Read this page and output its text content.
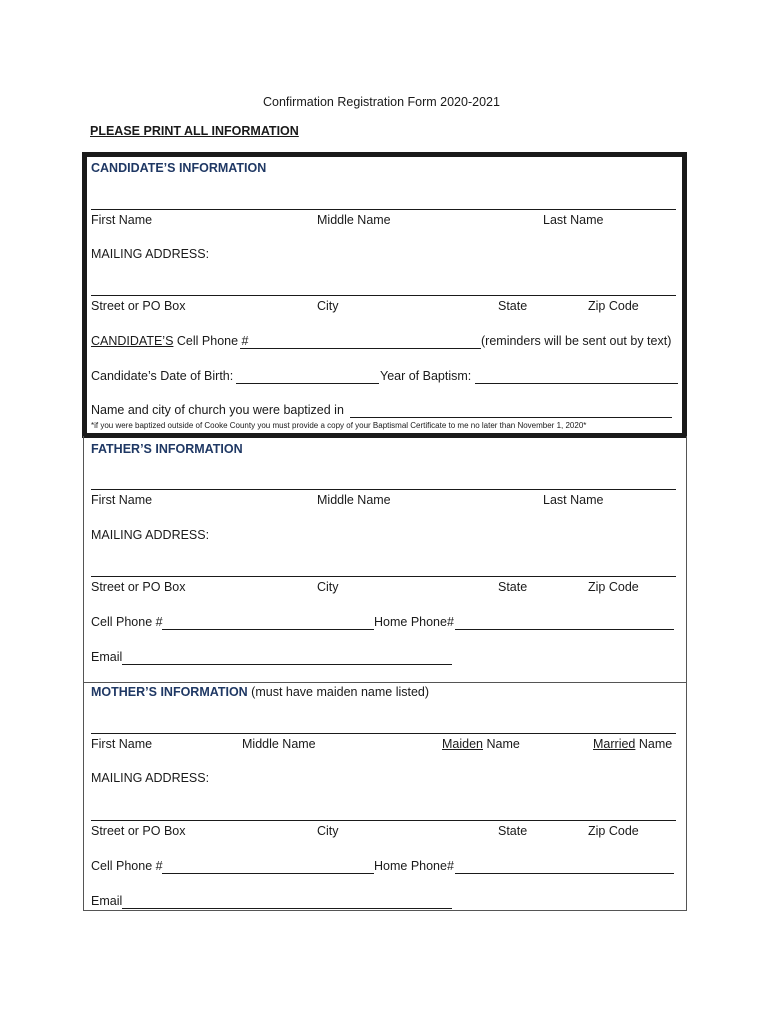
Confirmation Registration Form 2020-2021
PLEASE PRINT ALL INFORMATION
CANDIDATE’S INFORMATION
First Name	Middle Name	Last Name
MAILING ADDRESS:
Street or PO Box	City	State	Zip Code
CANDIDATE’S Cell Phone #	(reminders will be sent out by text)
Candidate’s Date of Birth:	Year of Baptism:
Name and city of church you were baptized in
*if you were baptized outside of Cooke County you must provide a copy of your Baptismal Certificate to me no later than November 1, 2020*
FATHER’S INFORMATION
First Name	Middle Name	Last Name
MAILING ADDRESS:
Street or PO Box	City	State	Zip Code
Cell Phone #	Home Phone#
Email
MOTHER’S INFORMATION (must have maiden name listed)
First Name	Middle Name	Maiden Name	Married Name
MAILING ADDRESS:
Street or PO Box	City	State	Zip Code
Cell Phone #	Home Phone#
Email
